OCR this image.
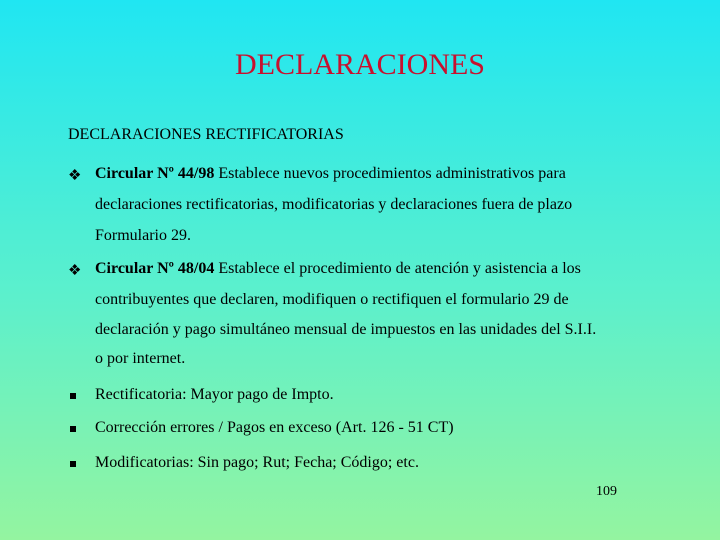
DECLARACIONES
DECLARACIONES RECTIFICATORIAS
❖ Circular Nº 44/98 Establece nuevos procedimientos administrativos para
declaraciones rectificatorias, modificatorias y declaraciones fuera de plazo
Formulario 29.
❖ Circular Nº 48/04 Establece el procedimiento de atención y asistencia a los
contribuyentes que declaren, modifiquen o rectifiquen el formulario 29 de
declaración y pago simultáneo mensual de impuestos en las unidades del S.I.I.
o por internet.
Rectificatoria: Mayor pago de Impto.
Corrección errores / Pagos en exceso (Art. 126 - 51 CT)
Modificatorias: Sin pago; Rut; Fecha; Código; etc.
109
